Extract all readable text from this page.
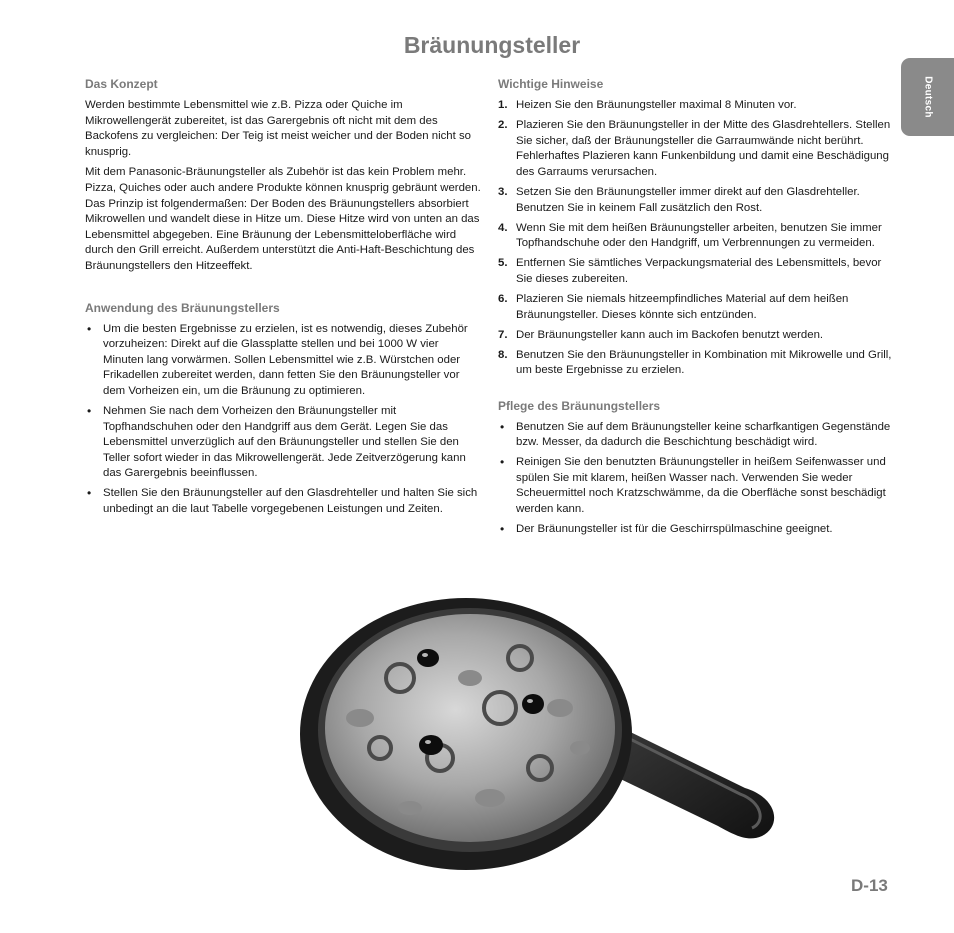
Bräunungsteller
Deutsch
Das Konzept

Werden bestimmte Lebensmittel wie z.B. Pizza oder Quiche im Mikrowellengerät zubereitet, ist das Garergebnis oft nicht mit dem des Backofens zu vergleichen: Der Teig ist meist weicher und der Boden nicht so knusprig.

Mit dem Panasonic-Bräunungsteller als Zubehör ist das kein Problem mehr. Pizza, Quiches oder auch andere Produkte können knusprig gebräunt werden. Das Prinzip ist folgendermaßen: Der Boden des Bräunungstellers absorbiert Mikrowellen und wandelt diese in Hitze um. Diese Hitze wird von unten an das Lebensmittel abgegeben. Eine Bräunung der Lebensmitteloberfläche wird durch den Grill erreicht. Außerdem unterstützt die Anti-Haft-Beschichtung des Bräunungstellers den Hitzeeffekt.

Anwendung des Bräunungstellers
• Um die besten Ergebnisse zu erzielen, ist es notwendig, dieses Zubehör vorzuheizen: Direkt auf die Glassplatte stellen und bei 1000 W vier Minuten lang vorwärmen. Sollen Lebensmittel wie z.B. Würstchen oder Frikadellen zubereitet werden, dann fetten Sie den Bräunungsteller vor dem Vorheizen ein, um die Bräunung zu optimieren.
• Nehmen Sie nach dem Vorheizen den Bräunungsteller mit Topfhandschuhen oder den Handgriff aus dem Gerät. Legen Sie das Lebensmittel unverzüglich auf den Bräunungsteller und stellen Sie den Teller sofort wieder in das Mikrowellengerät. Jede Zeitverzögerung kann das Garergebnis beeinflussen.
• Stellen Sie den Bräunungsteller auf den Glasdrehteller und halten Sie sich unbedingt an die laut Tabelle vorgegebenen Leistungen und Zeiten.
Wichtige Hinweise
1. Heizen Sie den Bräunungsteller maximal 8 Minuten vor.
2. Plazieren Sie den Bräunungsteller in der Mitte des Glasdrehtellers. Stellen Sie sicher, daß der Bräunungsteller die Garraumwände nicht berührt. Fehlerhaftes Plazieren kann Funkenbildung und damit eine Beschädigung des Garraums verursachen.
3. Setzen Sie den Bräunungsteller immer direkt auf den Glasdrehteller. Benutzen Sie in keinem Fall zusätzlich den Rost.
4. Wenn Sie mit dem heißen Bräunungsteller arbeiten, benutzen Sie immer Topfhandschuhe oder den Handgriff, um Verbrennungen zu vermeiden.
5. Entfernen Sie sämtliches Verpackungsmaterial des Lebensmittels, bevor Sie dieses zubereiten.
6. Plazieren Sie niemals hitzeempfindliches Material auf dem heißen Bräunungsteller. Dieses könnte sich entzünden.
7. Der Bräunungsteller kann auch im Backofen benutzt werden.
8. Benutzen Sie den Bräunungsteller in Kombination mit Mikrowelle und Grill, um beste Ergebnisse zu erzielen.
Pflege des Bräunungstellers
• Benutzen Sie auf dem Bräunungsteller keine scharfkantigen Gegenstände bzw. Messer, da dadurch die Beschichtung beschädigt wird.
• Reinigen Sie den benutzten Bräunungsteller in heißem Seifenwasser und spülen Sie mit klarem, heißen Wasser nach. Verwenden Sie weder Scheuermittel noch Kratzschwämme, da die Oberfläche sonst beschädigt werden kann.
• Der Bräunungsteller ist für die Geschirrspülmaschine geeignet.

D-13
